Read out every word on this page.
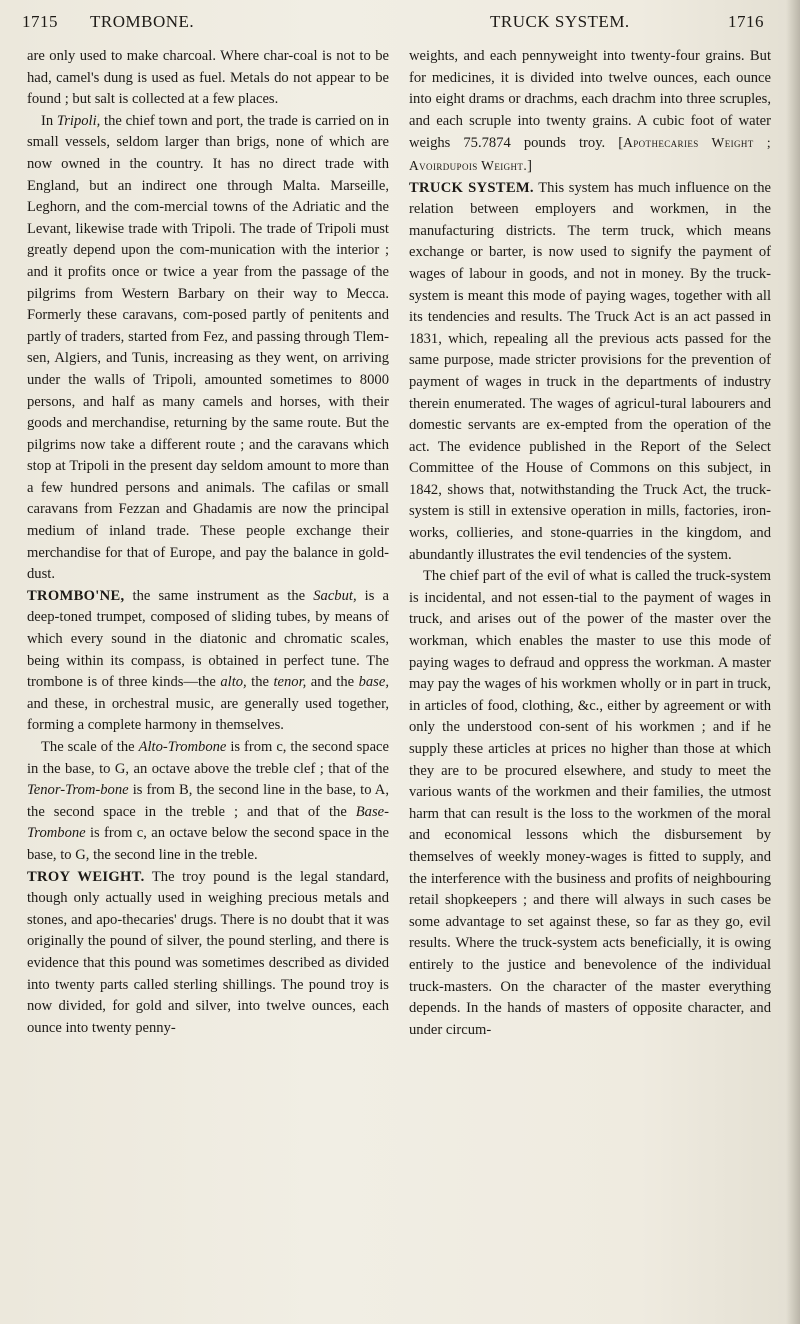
1715 TROMBONE.	TRUCK SYSTEM.	1716

are only used to make charcoal. Where char-coal is not to be had, camel's dung is used as fuel. Metals do not appear to be found ; but salt is collected at a few places.

In Tripoli, the chief town and port, the trade is carried on in small vessels, seldom larger than brigs, none of which are now owned in the country. It has no direct trade with England, but an indirect one through Malta. Marseille, Leghorn, and the com-mercial towns of the Adriatic and the Levant, likewise trade with Tripoli. The trade of Tripoli must greatly depend upon the com-munication with the interior ; and it profits once or twice a year from the passage of the pilgrims from Western Barbary on their way to Mecca. Formerly these caravans, com-posed partly of penitents and partly of traders, started from Fez, and passing through Tlem-sen, Algiers, and Tunis, increasing as they went, on arriving under the walls of Tripoli, amounted sometimes to 8000 persons, and half as many camels and horses, with their goods and merchandise, returning by the same route. But the pilgrims now take a different route ; and the caravans which stop at Tripoli in the present day seldom amount to more than a few hundred persons and animals. The cafilas or small caravans from Fezzan and Ghadamis are now the principal medium of inland trade. These people exchange their merchandise for that of Europe, and pay the balance in gold-dust.

TROMBO'NE, the same instrument as the Sacbut, is a deep-toned trumpet, composed of sliding tubes, by means of which every sound in the diatonic and chromatic scales, being within its compass, is obtained in perfect tune. The trombone is of three kinds—the alto, the tenor, and the base, and these, in orchestral music, are generally used together, forming a complete harmony in themselves.

The scale of the Alto-Trombone is from c, the second space in the base, to G, an octave above the treble clef ; that of the Tenor-Trom-bone is from B, the second line in the base, to A, the second space in the treble ; and that of the Base-Trombone is from c, an octave below the second space in the base, to G, the second line in the treble.

TROY WEIGHT. The troy pound is the legal standard, though only actually used in weighing precious metals and stones, and apo-thecaries' drugs. There is no doubt that it was originally the pound of silver, the pound sterling, and there is evidence that this pound was sometimes described as divided into twenty parts called sterling shillings. The pound troy is now divided, for gold and silver, into twelve ounces, each ounce into twenty penny-

weights, and each pennyweight into twenty-four grains. But for medicines, it is divided into twelve ounces, each ounce into eight drams or drachms, each drachm into three scruples, and each scruple into twenty grains. A cubic foot of water weighs 75.7874 pounds troy. [Apothecaries Weight ; Avoirdupois Weight.]

TRUCK SYSTEM. This system has much influence on the relation between employers and workmen, in the manufacturing districts. The term truck, which means exchange or barter, is now used to signify the payment of wages of labour in goods, and not in money. By the truck-system is meant this mode of paying wages, together with all its tendencies and results. The Truck Act is an act passed in 1831, which, repealing all the previous acts passed for the same purpose, made stricter provisions for the prevention of payment of wages in truck in the departments of industry therein enumerated. The wages of agricul-tural labourers and domestic servants are ex-empted from the operation of the act. The evidence published in the Report of the Select Committee of the House of Commons on this subject, in 1842, shows that, notwithstanding the Truck Act, the truck-system is still in extensive operation in mills, factories, iron-works, collieries, and stone-quarries in the kingdom, and abundantly illustrates the evil tendencies of the system.

The chief part of the evil of what is called the truck-system is incidental, and not essen-tial to the payment of wages in truck, and arises out of the power of the master over the workman, which enables the master to use this mode of paying wages to defraud and oppress the workman. A master may pay the wages of his workmen wholly or in part in truck, in articles of food, clothing, &c., either by agreement or with only the understood con-sent of his workmen ; and if he supply these articles at prices no higher than those at which they are to be procured elsewhere, and study to meet the various wants of the workmen and their families, the utmost harm that can result is the loss to the workmen of the moral and economical lessons which the disbursement by themselves of weekly money-wages is fitted to supply, and the interference with the business and profits of neighbouring retail shopkeepers ; and there will always in such cases be some advantage to set against these, so far as they go, evil results. Where the truck-system acts beneficially, it is owing entirely to the justice and benevolence of the individual truck-masters. On the character of the master everything depends. In the hands of masters of opposite character, and under circum-
